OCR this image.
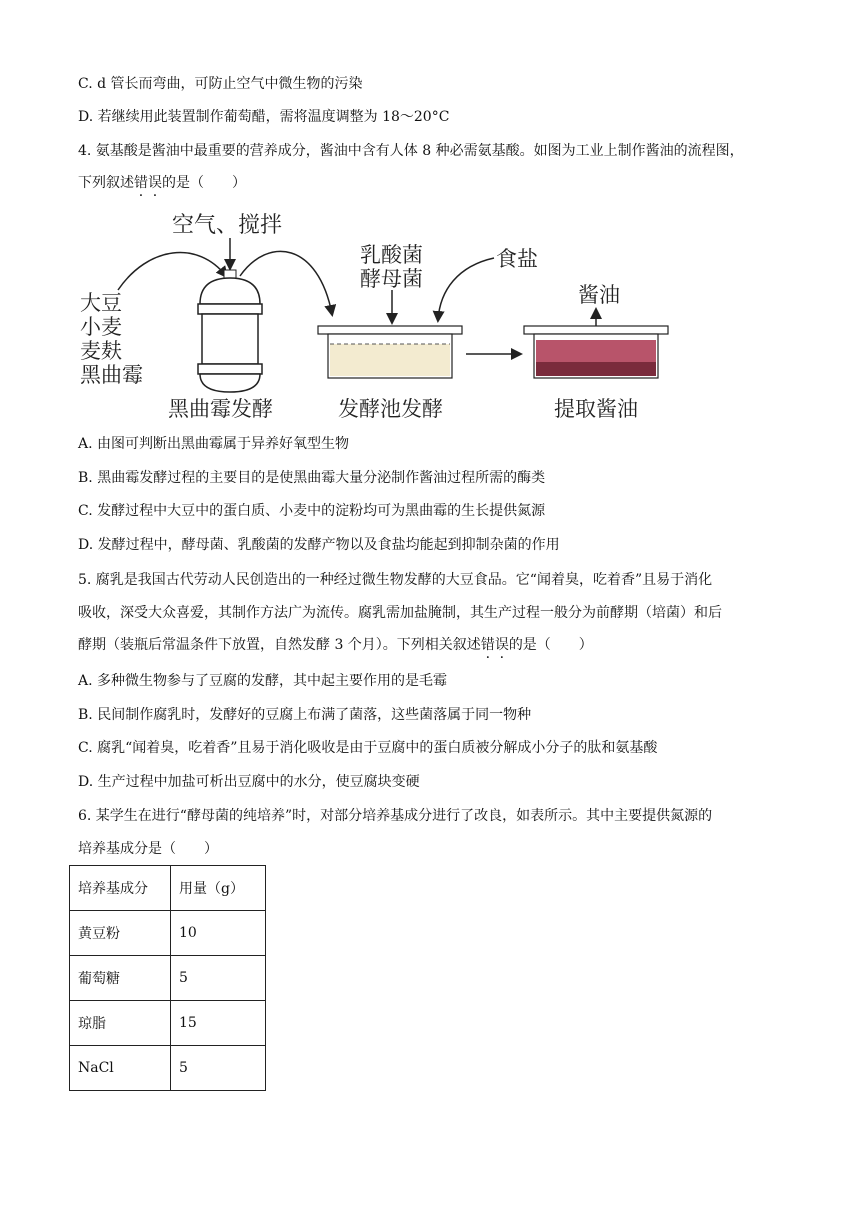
C. d 管长而弯曲，可防止空气中微生物的污染
D. 若继续用此装置制作葡萄醋，需将温度调整为 18～20°C
4. 氨基酸是酱油中最重要的营养成分，酱油中含有人体 8 种必需氨基酸。如图为工业上制作酱油的流程图，
下列叙述错误的是（　　）
空气、搅拌
大豆
小麦
麦麸
黑曲霉
乳酸菌
酵母菌
食盐
酱油
黑曲霉发酵	发酵池发酵	提取酱油
A. 由图可判断出黑曲霉属于异养好氧型生物
B. 黑曲霉发酵过程的主要目的是使黑曲霉大量分泌制作酱油过程所需的酶类
C. 发酵过程中大豆中的蛋白质、小麦中的淀粉均可为黑曲霉的生长提供氮源
D. 发酵过程中，酵母菌、乳酸菌的发酵产物以及食盐均能起到抑制杂菌的作用
5. 腐乳是我国古代劳动人民创造出的一种经过微生物发酵的大豆食品。它“闻着臭，吃着香”且易于消化
吸收，深受大众喜爱，其制作方法广为流传。腐乳需加盐腌制，其生产过程一般分为前酵期（培菌）和后
酵期（装瓶后常温条件下放置，自然发酵 3 个月）。下列相关叙述错误的是（　　）
A. 多种微生物参与了豆腐的发酵，其中起主要作用的是毛霉
B. 民间制作腐乳时，发酵好的豆腐上布满了菌落，这些菌落属于同一物种
C. 腐乳“闻着臭，吃着香”且易于消化吸收是由于豆腐中的蛋白质被分解成小分子的肽和氨基酸
D. 生产过程中加盐可析出豆腐中的水分，使豆腐块变硬
6. 某学生在进行“酵母菌的纯培养”时，对部分培养基成分进行了改良，如表所示。其中主要提供氮源的
培养基成分是（　　）
培养基成分	用量（g）
黄豆粉	10
葡萄糖	5
琼脂	15
NaCl	5
